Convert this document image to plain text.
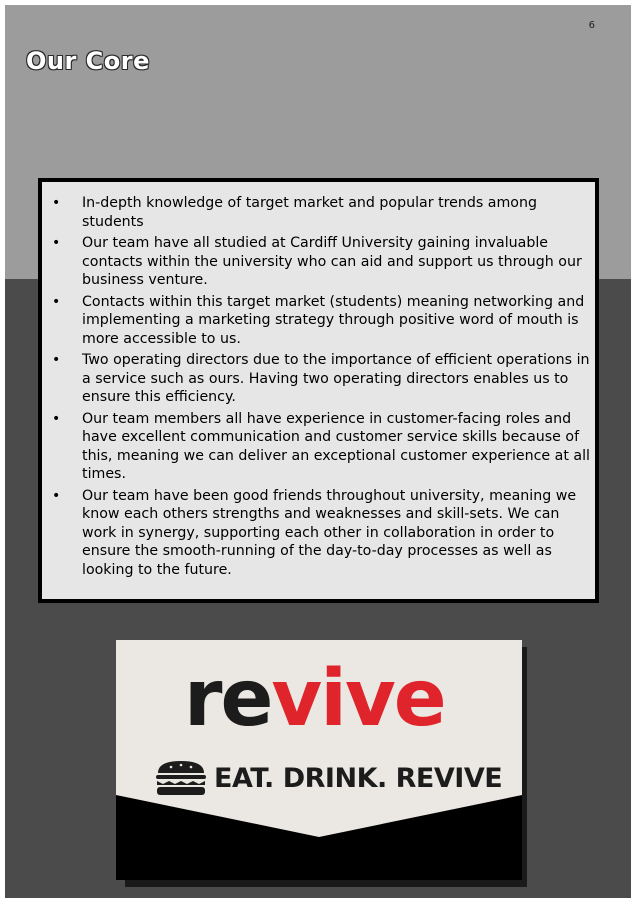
6
Our Core
• In-depth knowledge of target market and popular trends among students
• Our team have all studied at Cardiff University gaining invaluable contacts within the university who can aid and support us through our business venture.
• Contacts within this target market (students) meaning networking and implementing a marketing strategy through positive word of mouth is more accessible to us.
• Two operating directors due to the importance of efficient operations in a service such as ours. Having two operating directors enables us to ensure this efficiency.
• Our team members all have experience in customer-facing roles and have excellent communication and customer service skills because of this, meaning we can deliver an exceptional customer experience at all times.
• Our team have been good friends throughout university, meaning we know each others strengths and weaknesses and skill-sets. We can work in synergy, supporting each other in collaboration in order to ensure the smooth-running of the day-to-day processes as well as looking to the future.
revive
EAT. DRINK. REVIVE
